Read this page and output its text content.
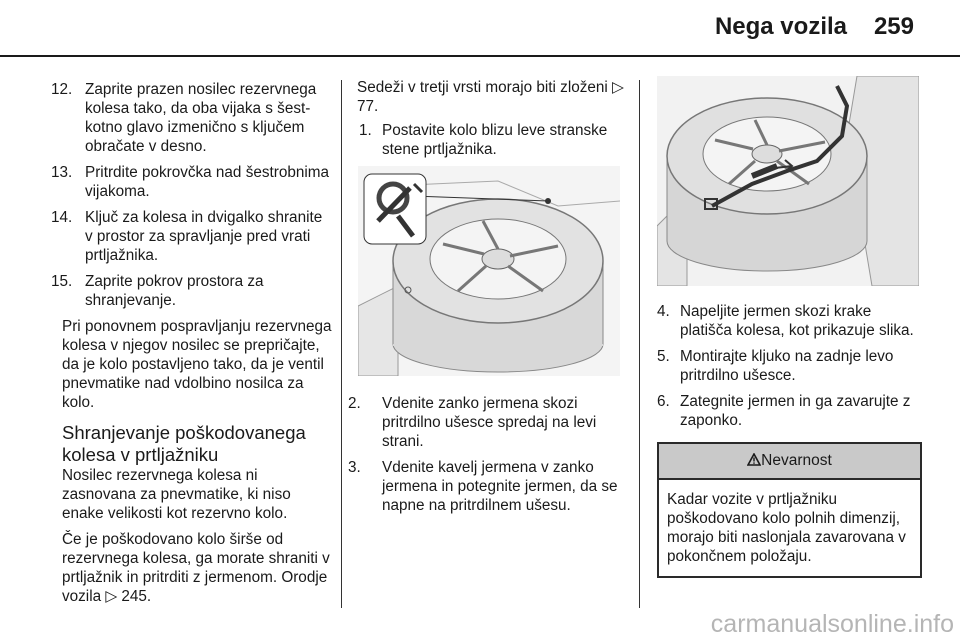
Nega vozila 259
12. Zaprite prazen nosilec rezervnega kolesa tako, da oba vijaka s šest-kotno glavo izmenično s ključem obračate v desno.
13. Pritrdite pokrovčka nad šestrobnima vijakoma.
14. Ključ za kolesa in dvigalko shranite v prostor za spravljanje pred vrati prtljažnika.
15. Zaprite pokrov prostora za shranjevanje.

Pri ponovnem pospravljanju rezervnega kolesa v njegov nosilec se prepričajte, da je kolo postavljeno tako, da je ventil pnevmatike nad vdolbino nosilca za kolo.

Shranjevanje poškodovanega kolesa v prtljažniku

Nosilec rezervnega kolesa ni zasnovana za pnevmatike, ki niso enake velikosti kot rezervno kolo.

Če je poškodovano kolo širše od rezervnega kolesa, ga morate shraniti v prtljažnik in pritrditi z jermenom. Orodje vozila ▷ 245.

Sedeži v tretji vrsti morajo biti zloženi ▷ 77.

1. Postavite kolo blizu leve stranske stene prtljažnika.
2. Vdenite zanko jermena skozi pritrdilno ušesce spredaj na levi strani.
3. Vdenite kavelj jermena v zanko jermena in potegnite jermen, da se napne na pritrdilnem ušesu.
4. Napeljite jermen skozi krake platišča kolesa, kot prikazuje slika.
5. Montirajte kljuko na zadnje levo pritrdilno ušesce.
6. Zategnite jermen in ga zavarujte z zaponko.
Nevarnost
Kadar vozite v prtljažniku poškodovano kolo polnih dimenzij, morajo biti naslonjala zavarovana v pokončnem položaju.
carmanualsonline.info
